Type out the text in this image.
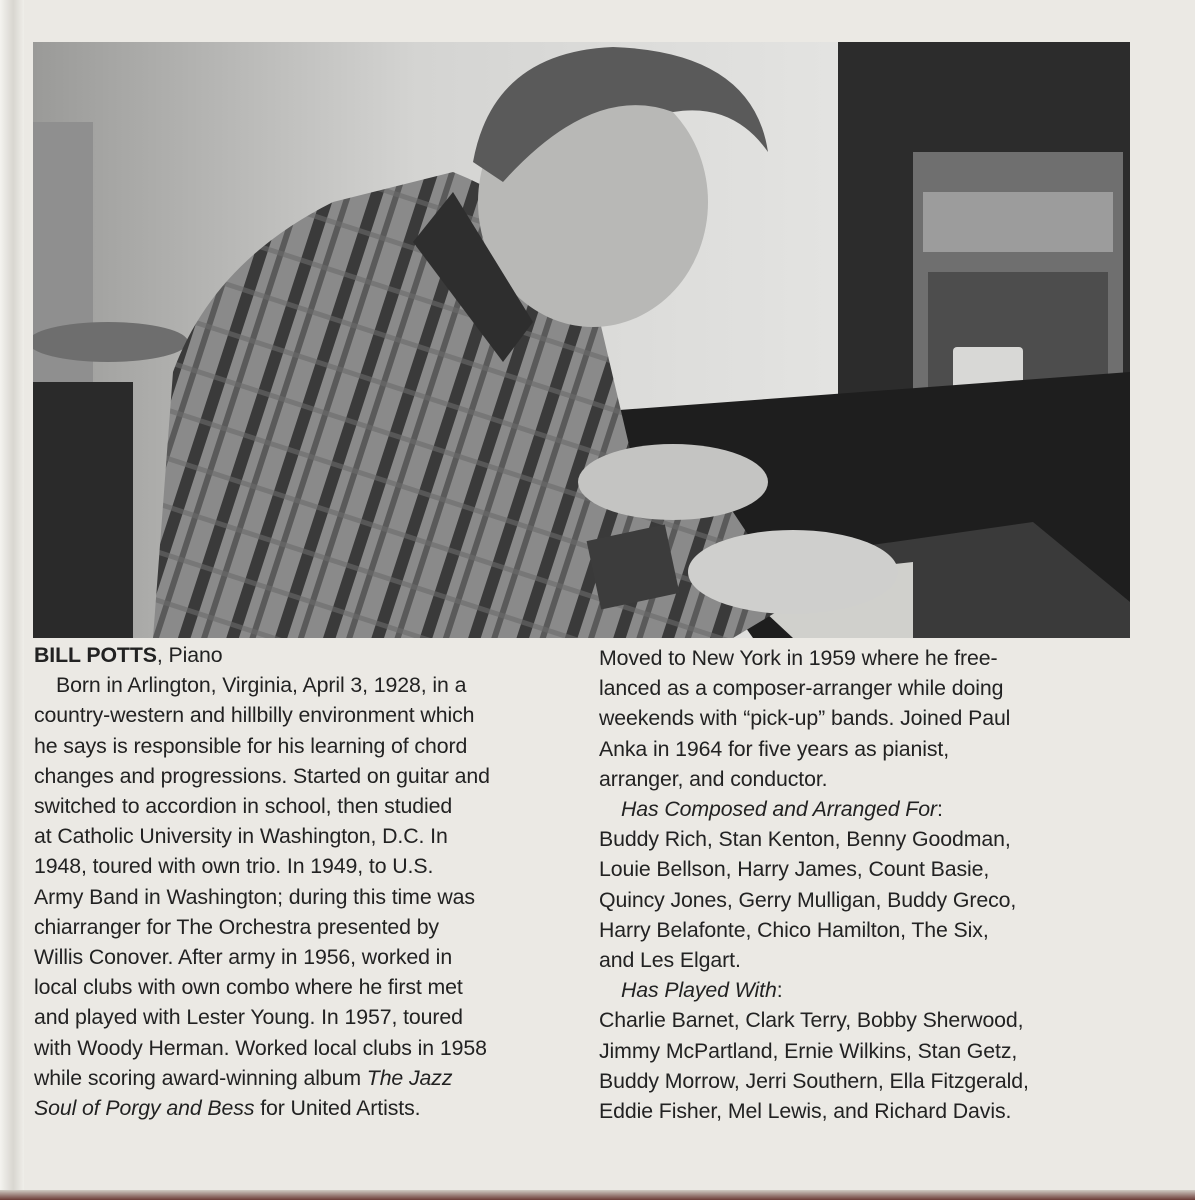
BILL POTTS, Piano
Born in Arlington, Virginia, April 3, 1928, in a
country-western and hillbilly environment which
he says is responsible for his learning of chord
changes and progressions. Started on guitar and
switched to accordion in school, then studied
at Catholic University in Washington, D.C. In
1948, toured with own trio. In 1949, to U.S.
Army Band in Washington; during this time was
chiarranger for The Orchestra presented by
Willis Conover. After army in 1956, worked in
local clubs with own combo where he first met
and played with Lester Young. In 1957, toured
with Woody Herman. Worked local clubs in 1958
while scoring award-winning album The Jazz
Soul of Porgy and Bess for United Artists.
Moved to New York in 1959 where he free-
lanced as a composer-arranger while doing
weekends with “pick-up” bands. Joined Paul
Anka in 1964 for five years as pianist,
arranger, and conductor.
Has Composed and Arranged For:
Buddy Rich, Stan Kenton, Benny Goodman,
Louie Bellson, Harry James, Count Basie,
Quincy Jones, Gerry Mulligan, Buddy Greco,
Harry Belafonte, Chico Hamilton, The Six,
and Les Elgart.
Has Played With:
Charlie Barnet, Clark Terry, Bobby Sherwood,
Jimmy McPartland, Ernie Wilkins, Stan Getz,
Buddy Morrow, Jerri Southern, Ella Fitzgerald,
Eddie Fisher, Mel Lewis, and Richard Davis.
